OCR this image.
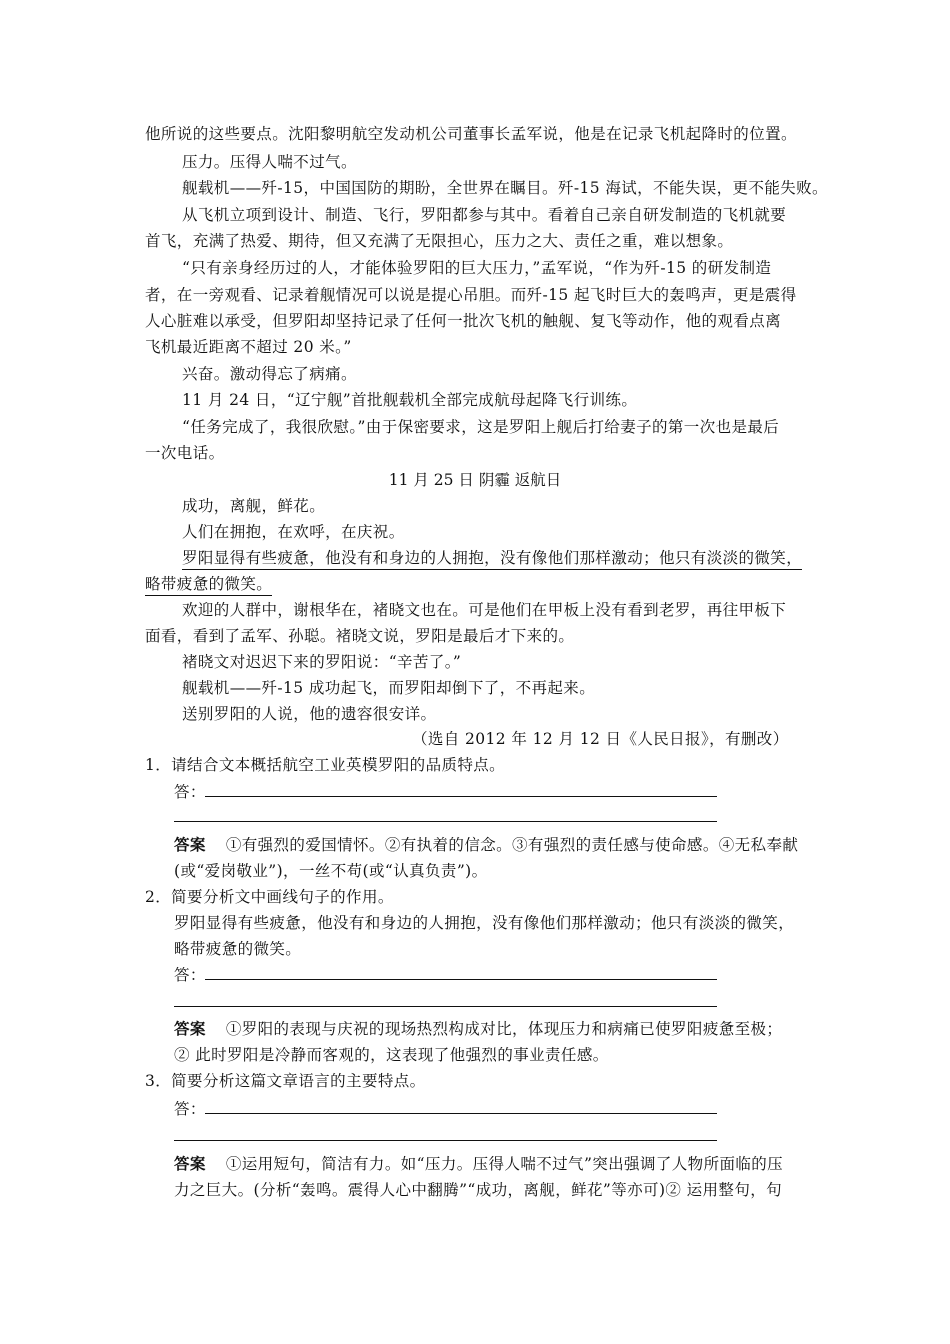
他所说的这些要点。沈阳黎明航空发动机公司董事长孟军说，他是在记录飞机起降时的位置。
压力。压得人喘不过气。
舰载机——歼-15，中国国防的期盼，全世界在瞩目。歼-15 海试，不能失误，更不能失败。
从飞机立项到设计、制造、飞行，罗阳都参与其中。看着自己亲自研发制造的飞机就要
首飞，充满了热爱、期待，但又充满了无限担心，压力之大、责任之重，难以想象。
“只有亲身经历过的人，才能体验罗阳的巨大压力，”孟军说，“作为歼-15 的研发制造
者，在一旁观看、记录着舰情况可以说是提心吊胆。而歼-15 起飞时巨大的轰鸣声，更是震得
人心脏难以承受，但罗阳却坚持记录了任何一批次飞机的触舰、复飞等动作，他的观看点离
飞机最近距离不超过 20 米。”
兴奋。激动得忘了病痛。
11 月 24 日，“辽宁舰”首批舰载机全部完成航母起降飞行训练。
“任务完成了，我很欣慰。”由于保密要求，这是罗阳上舰后打给妻子的第一次也是最后
一次电话。
11 月 25 日 阴霾 返航日
成功，离舰，鲜花。
人们在拥抱，在欢呼，在庆祝。
罗阳显得有些疲惫，他没有和身边的人拥抱，没有像他们那样激动；他只有淡淡的微笑，
略带疲惫的微笑。
欢迎的人群中，谢根华在，褚晓文也在。可是他们在甲板上没有看到老罗，再往甲板下
面看，看到了孟军、孙聪。褚晓文说，罗阳是最后才下来的。
褚晓文对迟迟下来的罗阳说：“辛苦了。”
舰载机——歼-15 成功起飞，而罗阳却倒下了，不再起来。
送别罗阳的人说，他的遗容很安详。
（选自 2012 年 12 月 12 日《人民日报》，有删改）
1．请结合文本概括航空工业英模罗阳的品质特点。
答：
答案 ①有强烈的爱国情怀。②有执着的信念。③有强烈的责任感与使命感。④无私奉献
(或“爱岗敬业”)，一丝不苟(或“认真负责”)。
2．简要分析文中画线句子的作用。
罗阳显得有些疲惫，他没有和身边的人拥抱，没有像他们那样激动；他只有淡淡的微笑，
略带疲惫的微笑。
答：
答案 ①罗阳的表现与庆祝的现场热烈构成对比，体现压力和病痛已使罗阳疲惫至极；
② 此时罗阳是冷静而客观的，这表现了他强烈的事业责任感。
3．简要分析这篇文章语言的主要特点。
答：
答案 ①运用短句，简洁有力。如“压力。压得人喘不过气”突出强调了人物所面临的压
力之巨大。(分析“轰鸣。震得人心中翻腾”“成功，离舰，鲜花”等亦可)② 运用整句，句
